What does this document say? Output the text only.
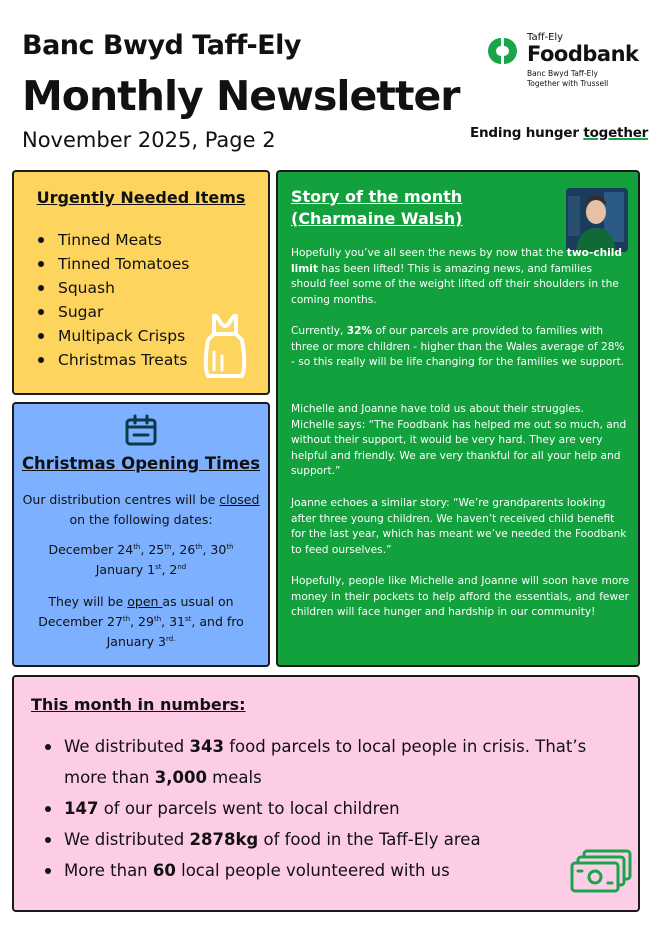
Banc Bwyd Taff-Ely
Monthly Newsletter
November 2025, Page 2
Taff-Ely
Foodbank
Banc Bwyd Taff-Ely
Together with Trussell
Ending hunger together
Urgently Needed Items
Tinned Meats
Tinned Tomatoes
Squash
Sugar
Multipack Crisps
Christmas Treats
Christmas Opening Times
Our distribution centres will be closed on the following dates:
December 24th, 25th, 26th, 30th
January 1st, 2nd
They will be open as usual on
December 27th, 29th, 31st, and fro
January $3^{rd.}$
Story of the month (Charmaine Walsh)
Hopefully you’ve all seen the news by now that the two-child limit has been lifted! This is amazing news, and families should feel some of the weight lifted off their shoulders in the coming months.
Currently, 32% of our parcels are provided to families with three or more children - higher than the Wales average of 28% - so this really will be life changing for the families we support.
Michelle and Joanne have told us about their struggles. Michelle says: “The Foodbank has helped me out so much, and without their support, it would be very hard. They are very helpful and friendly. We are very thankful for all your help and support.”
Joanne echoes a similar story: “We’re grandparents looking after three young children. We haven’t received child benefit for the last year, which has meant we’ve needed the Foodbank to feed ourselves.”
Hopefully, people like Michelle and Joanne will soon have more money in their pockets to help afford the essentials, and fewer children will face hunger and hardship in our community!
This month in numbers:
We distributed 343 food parcels to local people in crisis. That’s more than 3,000 meals
147 of our parcels went to local children
We distributed 2878kg of food in the Taff-Ely area
More than 60 local people volunteered with us
